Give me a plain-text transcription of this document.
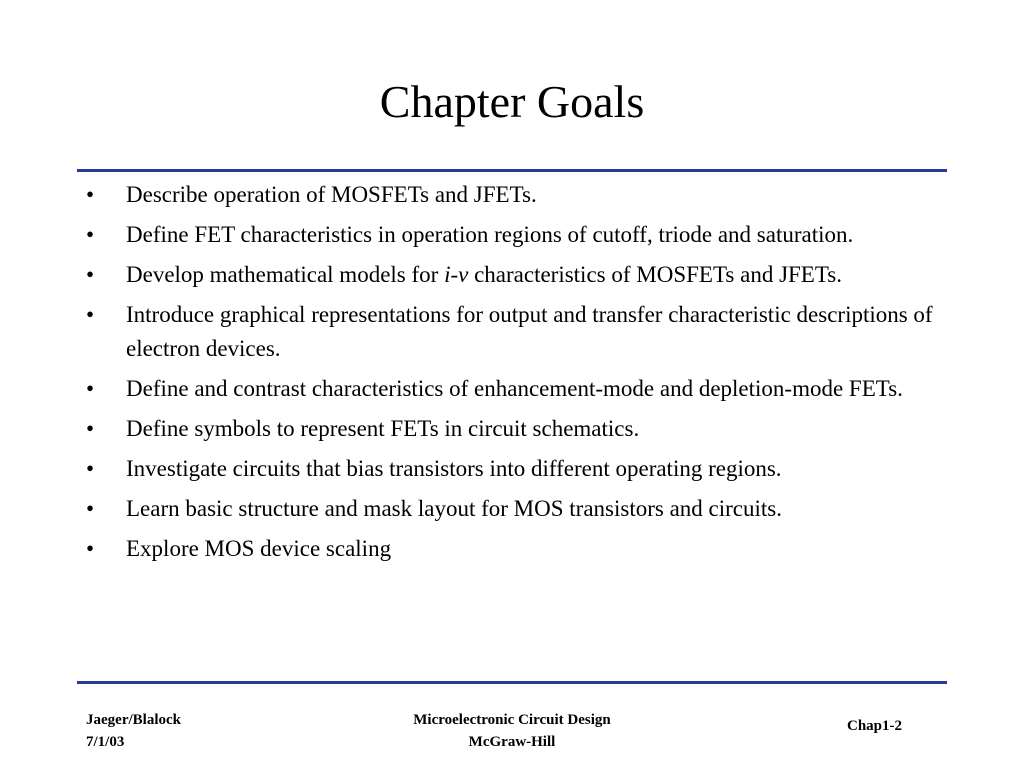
Chapter Goals
•	Describe operation of MOSFETs and JFETs.
•	Define FET characteristics in operation regions of cutoff, triode and saturation.
•	Develop mathematical models for i-v characteristics of MOSFETs and JFETs.
•	Introduce graphical representations for output and transfer characteristic descriptions of electron devices.
•	Define and contrast characteristics of enhancement-mode and depletion-mode FETs.
•	Define symbols to represent FETs in circuit schematics.
•	Investigate circuits that bias transistors into different operating regions.
•	Learn basic structure and mask layout for MOS transistors and circuits.
•	Explore MOS device scaling
Jaeger/Blalock
7/1/03
Microelectronic Circuit Design
McGraw-Hill
Chap1-2
